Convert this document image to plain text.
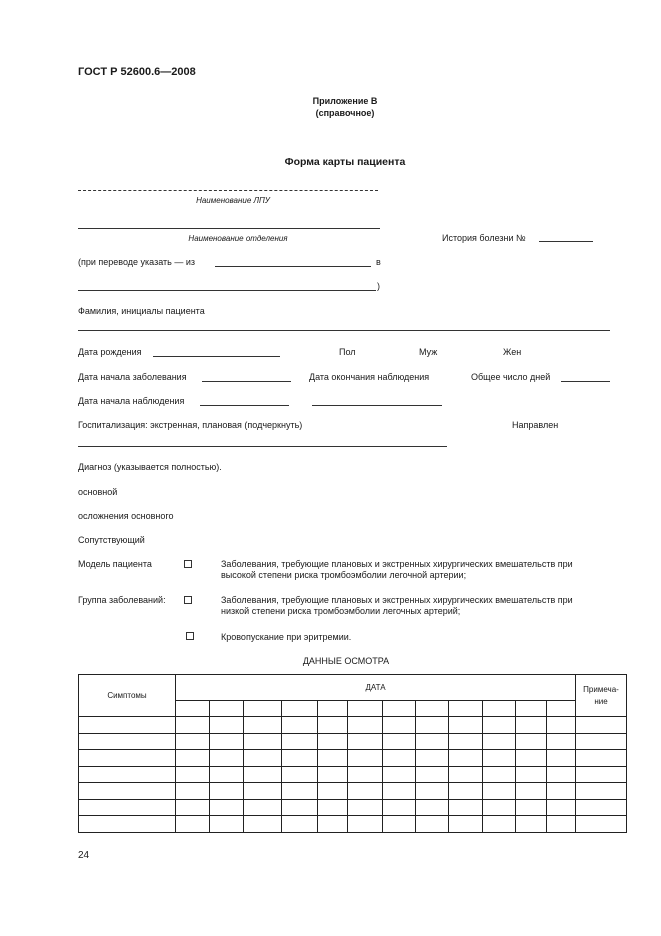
ГОСТ Р 52600.6—2008
Приложение В
(справочное)
Форма карты пациента
Наименование ЛПУ
Наименование отделения	История болезни №
(при переводе указать — из	в
)
Фамилия, инициалы пациента
Дата рождения	Пол	Муж	Жен
Дата начала заболевания	Дата окончания наблюдения	Общее число дней
Дата начала наблюдения
Госпитализация: экстренная, плановая (подчеркнуть)	Направлен
Диагноз (указывается полностью).
основной
осложнения основного
Сопутствующий
Модель пациента	Заболевания, требующие плановых и экстренных хирургических вмешательств при
высокой степени риска тромбоэмболии легочной артерии;
Группа заболеваний:	Заболевания, требующие плановых и экстренных хирургических вмешательств при
низкой степени риска тромбоэмболии легочных артерий;
Кровопускание при эритремии.
ДАННЫЕ ОСМОТРА
Симптомы	ДАТА												Примеча-
ние

24
